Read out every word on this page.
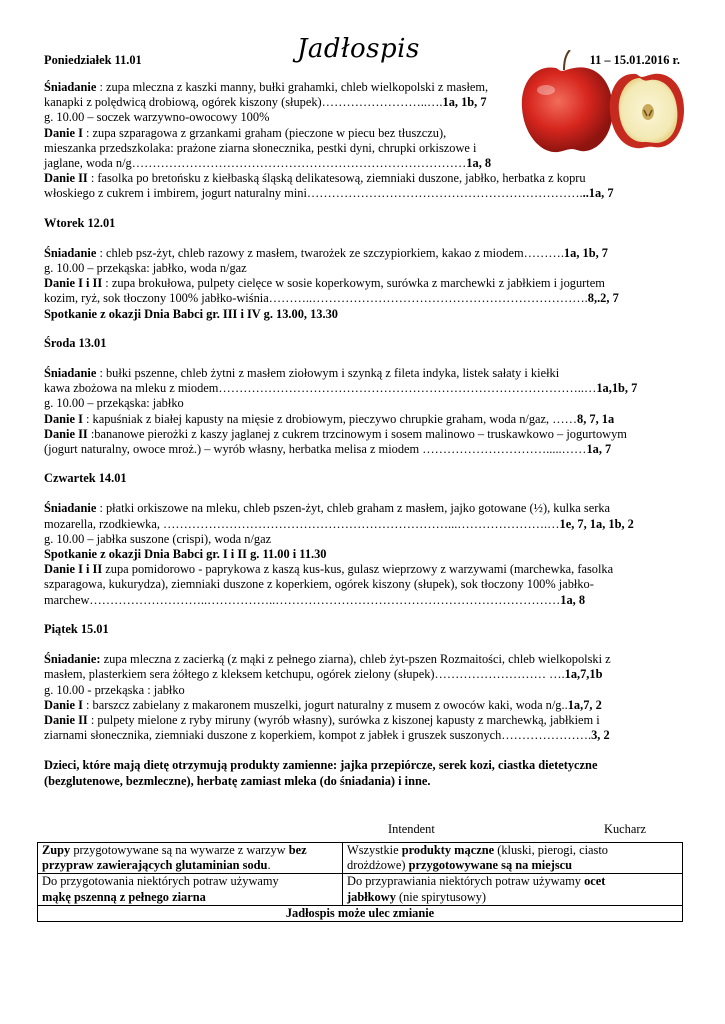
Poniedziałek 11.01	Jadłospis	11 – 15.01.2016 r.

Śniadanie : zupa mleczna z kaszki manny, bułki grahamki, chleb wielkopolski z masłem,

kanapki z polędwicą drobiową, ogórek kiszony (słupek)……………………..….1a, 1b, 7

g. 10.00 – soczek warzywno-owocowy 100%

Danie I : zupa szparagowa z grzankami graham (pieczone w piecu bez tłuszczu),

mieszanka przedszkolaka: prażone ziarna słonecznika, pestki dyni, chrupki orkiszowe i

jaglane, woda n/g………………………………………………………………………1a, 8

Danie II : fasolka po bretońsku z kiełbaską śląską delikatesową, ziemniaki duszone, jabłko, herbatka z kopru

włoskiego z cukrem i imbirem, jogurt naturalny mini…………………………………………………………...1a, 7

Wtorek 12.01

Śniadanie : chleb psz-żyt, chleb razowy z masłem, twarożek ze szczypiorkiem, kakao z miodem……….1a, 1b, 7

g. 10.00 – przekąska: jabłko, woda n/gaz

Danie I i II : zupa brokułowa, pulpety cielęce w sosie koperkowym, surówka z marchewki z jabłkiem i jogurtem

kozim, ryż, sok tłoczony 100% jabłko-wiśnia………..………………………………………………………….8,.2, 7

Spotkanie z okazji Dnia Babci gr. III i IV g. 13.00, 13.30

Środa 13.01

Śniadanie : bułki pszenne, chleb żytni z masłem ziołowym i szynką z fileta indyka, listek sałaty i kiełki

kawa zbożowa na mleku z miodem……………………………………………………………………………..…1a,1b, 7

g. 10.00 – przekąska: jabłko

Danie I : kapuśniak z białej kapusty na mięsie z drobiowym, pieczywo chrupkie graham, woda n/gaz, ……8, 7, 1a

Danie II :bananowe pierożki z kaszy jaglanej z cukrem trzcinowym i sosem malinowo – truskawkowo – jogurtowym

(jogurt naturalny, owoce mroż.) – wyrób własny, herbatka melisa z miodem ………………………….....……1a, 7

Czwartek 14.01

Śniadanie : płatki orkiszowe na mleku, chleb pszen-żyt, chleb graham z masłem, jajko gotowane (½), kulka serka

mozarella, rzodkiewka, ……………………………………………………………...………………….…1e, 7, 1a, 1b, 2

g. 10.00 – jabłka suszone (crispi), woda n/gaz

Spotkanie z okazji Dnia Babci gr. I i II g. 11.00 i 11.30

Danie I i II zupa pomidorowo - paprykowa z kaszą kus-kus, gulasz wieprzowy z warzywami (marchewka, fasolka

szparagowa, kukurydza), ziemniaki duszone z koperkiem, ogórek kiszony (słupek), sok tłoczony 100% jabłko-

marchew………………………..……………..……………………………………………………………1a, 8

Piątek 15.01

Śniadanie: zupa mleczna z zacierką (z mąki z pełnego ziarna), chleb żyt-pszen Rozmaitości, chleb wielkopolski z

masłem, plasterkiem sera żółtego z kleksem ketchupu, ogórek zielony (słupek)……………………… ….1a,7,1b

g. 10.00 - przekąska : jabłko

Danie I : barszcz zabielany z makaronem muszelki, jogurt naturalny z musem z owoców kaki, woda n/g..1a,7, 2

Danie II : pulpety mielone z ryby miruny (wyrób własny), surówka z kiszonej kapusty z marchewką, jabłkiem i

ziarnami słonecznika, ziemniaki duszone z koperkiem, kompot z jabłek i gruszek suszonych………………….3, 2

Dzieci, które mają dietę otrzymują produkty zamienne: jajka przepiórcze, serek kozi, ciastka dietetyczne

(bezglutenowe, bezmleczne), herbatę zamiast mleka (do śniadania) i inne.

Intendent	Kucharz
Zupy przygotowywane są na wywarze z warzyw bez
przypraw zawierających glutaminian sodu.	Wszystkie produkty mączne (kluski, pierogi, ciasto
drożdżowe) przygotowywane są na miejscu
Do przygotowania niektórych potraw używamy
mąkę pszenną z pełnego ziarna	Do przyprawiania niektórych potraw używamy ocet
jabłkowy (nie spirytusowy)
Jadłospis może ulec zmianie	
